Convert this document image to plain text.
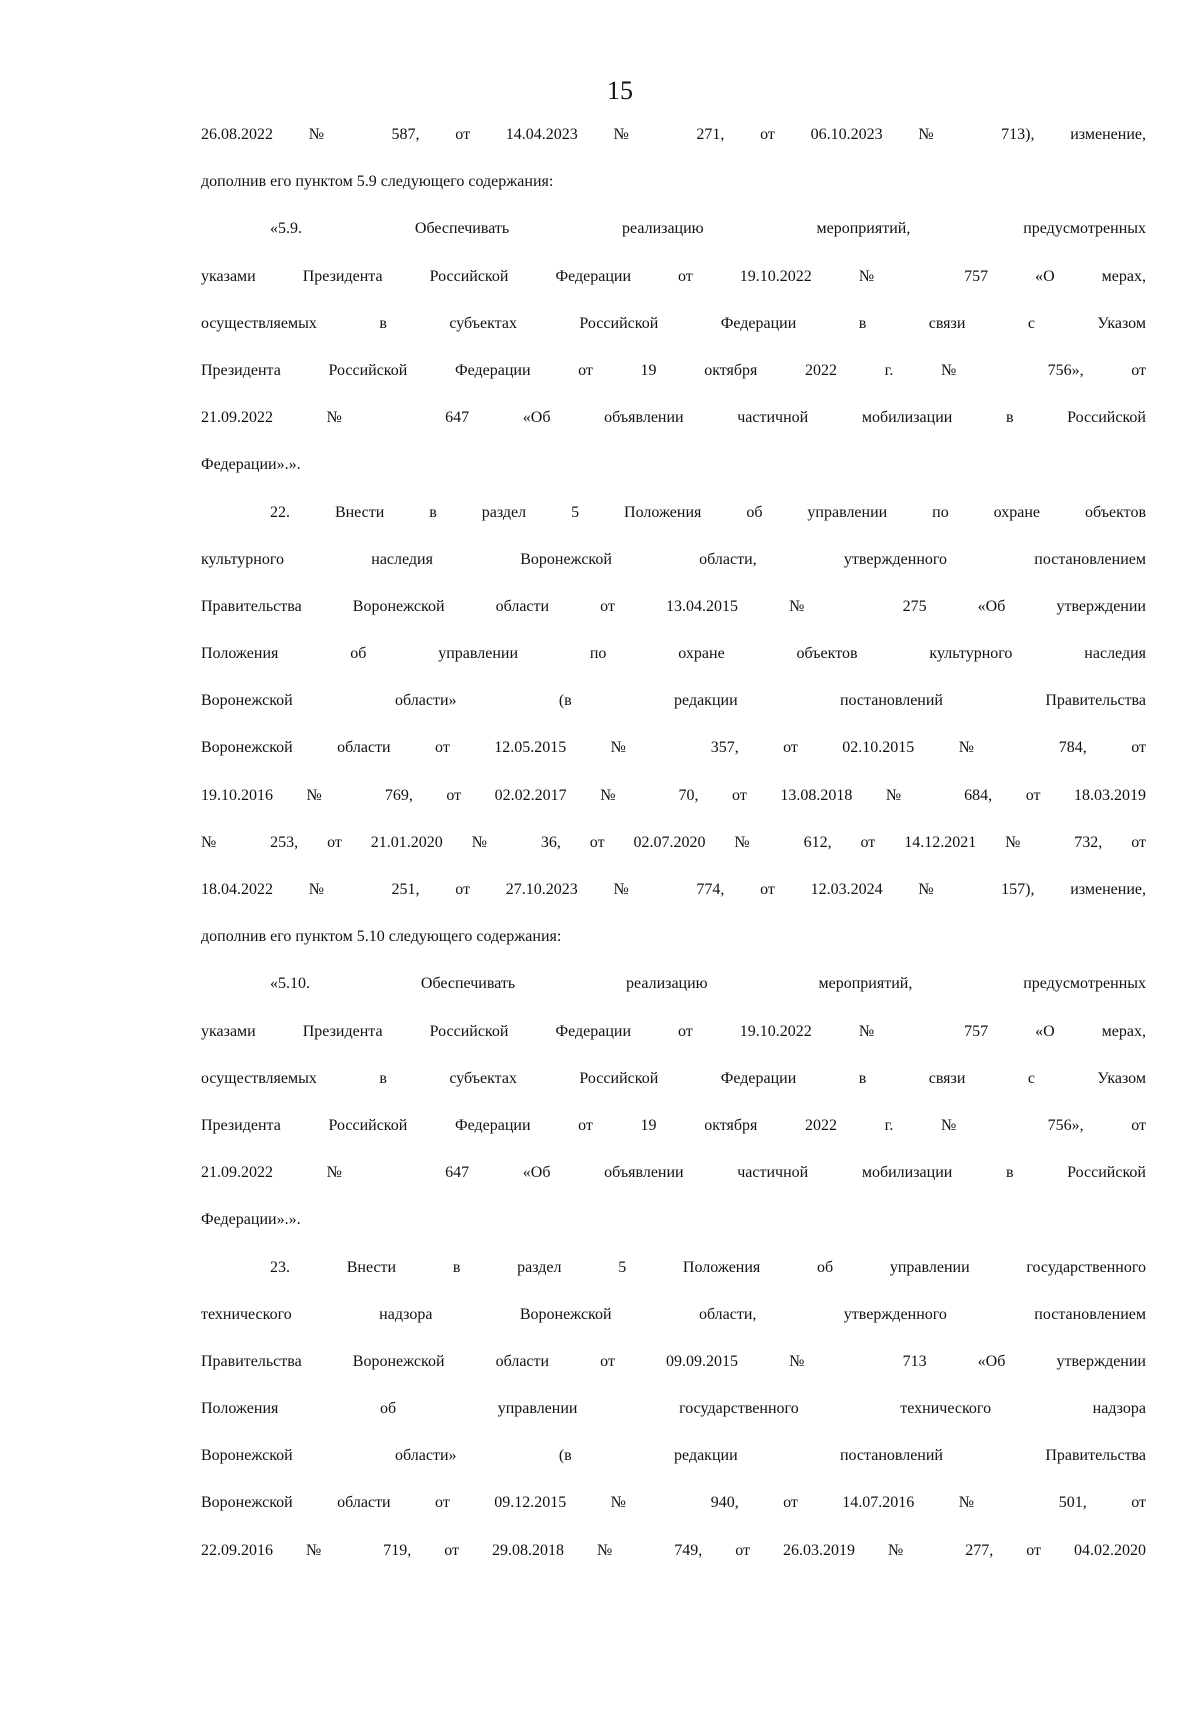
15
26.08.2022 № 587, от 14.04.2023 № 271, от 06.10.2023 № 713), изменение,
дополнив его пунктом 5.9 следующего содержания:
«5.9. Обеспечивать реализацию мероприятий, предусмотренных
указами Президента Российской Федерации от 19.10.2022 № 757 «О мерах,
осуществляемых в субъектах Российской Федерации в связи с Указом
Президента Российской Федерации от 19 октября 2022 г. № 756», от
21.09.2022 № 647 «Об объявлении частичной мобилизации в Российской
Федерации».».
22. Внести в раздел 5 Положения об управлении по охране объектов
культурного наследия Воронежской области, утвержденного постановлением
Правительства Воронежской области от 13.04.2015 № 275 «Об утверждении
Положения об управлении по охране объектов культурного наследия
Воронежской области» (в редакции постановлений Правительства
Воронежской области от 12.05.2015 № 357, от 02.10.2015 № 784, от
19.10.2016 № 769, от 02.02.2017 № 70, от 13.08.2018 № 684, от 18.03.2019
№ 253, от 21.01.2020 № 36, от 02.07.2020 № 612, от 14.12.2021 № 732, от
18.04.2022 № 251, от 27.10.2023 № 774, от 12.03.2024 № 157), изменение,
дополнив его пунктом 5.10 следующего содержания:
«5.10. Обеспечивать реализацию мероприятий, предусмотренных
указами Президента Российской Федерации от 19.10.2022 № 757 «О мерах,
осуществляемых в субъектах Российской Федерации в связи с Указом
Президента Российской Федерации от 19 октября 2022 г. № 756», от
21.09.2022 № 647 «Об объявлении частичной мобилизации в Российской
Федерации».».
23. Внести в раздел 5 Положения об управлении государственного
технического надзора Воронежской области, утвержденного постановлением
Правительства Воронежской области от 09.09.2015 № 713 «Об утверждении
Положения об управлении государственного технического надзора
Воронежской области» (в редакции постановлений Правительства
Воронежской области от 09.12.2015 № 940, от 14.07.2016 № 501, от
22.09.2016 № 719, от 29.08.2018 № 749, от 26.03.2019 № 277, от 04.02.2020
